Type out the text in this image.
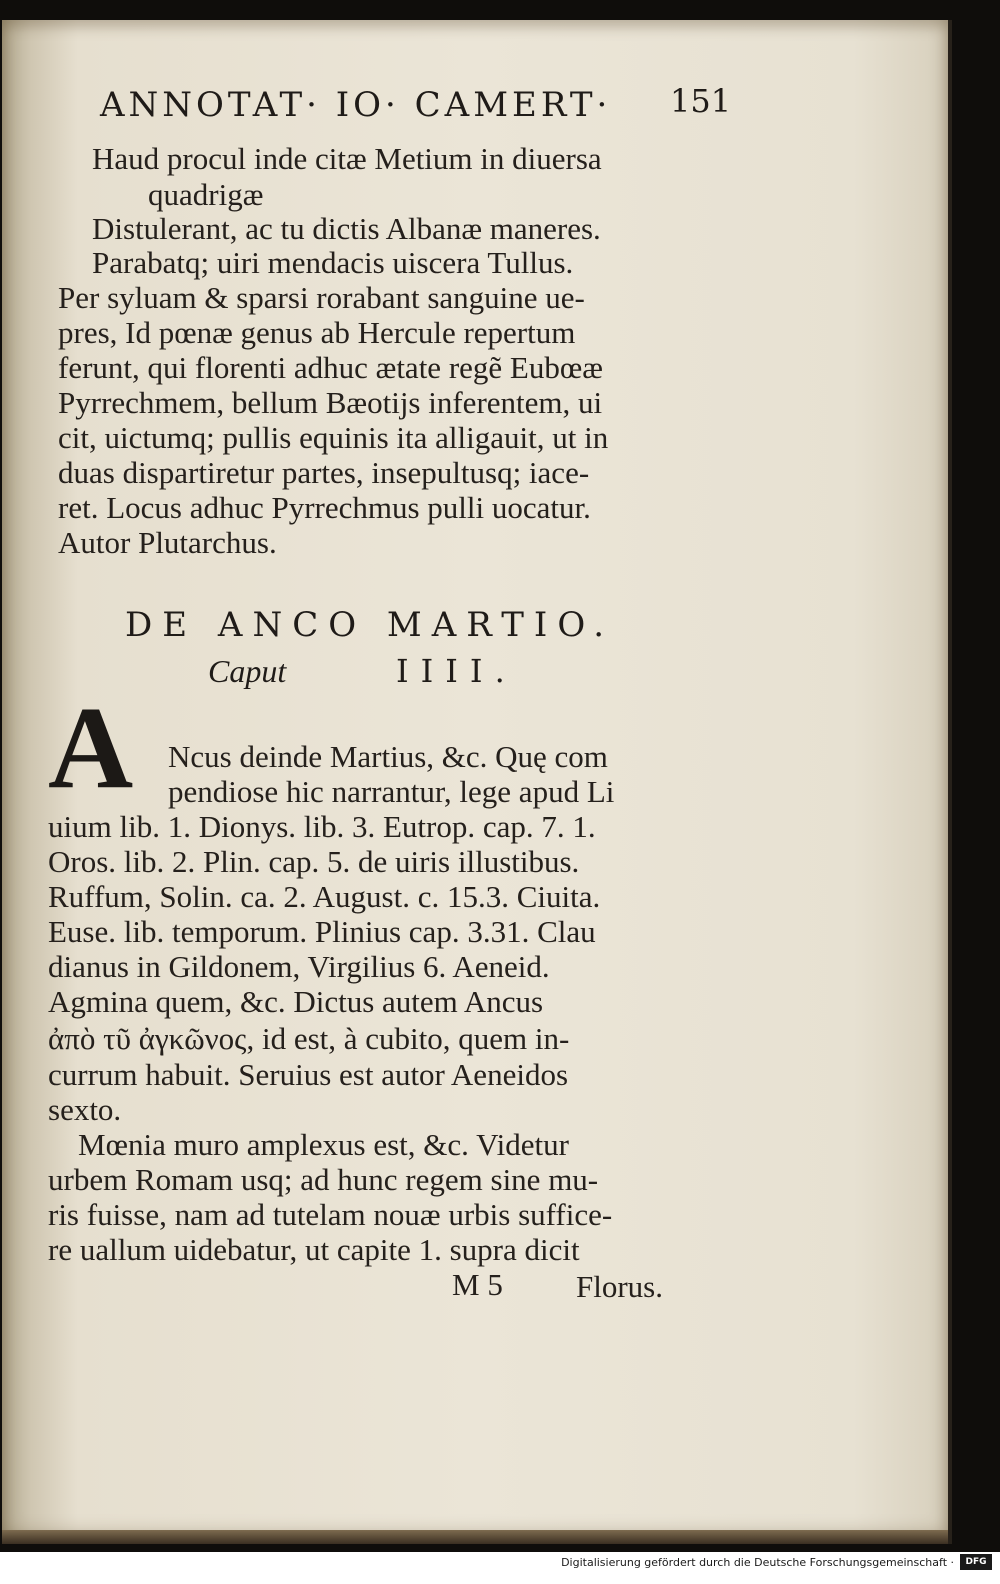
ANNOTAT· IO· CAMERT·	151
Haud procul inde citæ Metium in diuersa
quadrigæ
Distulerant, ac tu dictis Albanæ maneres.
Parabatq; uiri mendacis uiscera Tullus.
Per syluam & sparsi rorabant sanguine ue-
pres, Id pœnæ genus ab Hercule repertum
ferunt, qui florenti adhuc ætate regẽ Eubœæ
Pyrrechmem, bellum Bæotijs inferentem, ui
cit, uictumq; pullis equinis ita alligauit, ut in
duas dispartiretur partes, insepultusq; iace-
ret. Locus adhuc Pyrrechmus pulli uocatur.
Autor Plutarchus.
DE ANCO MARTIO.
Caput	IIII.
A Ncus deinde Martius, &c. Quę com
pendiose hic narrantur, lege apud Li
uium lib. 1. Dionys. lib. 3. Eutrop. cap. 7. 1.
Oros. lib. 2. Plin. cap. 5. de uiris illustibus.
Ruffum, Solin. ca. 2. August. c. 15.3. Ciuita.
Euse. lib. temporum. Plinius cap. 3.31. Clau
dianus in Gildonem, Virgilius 6. Aeneid.
Agmina quem, &c. Dictus autem Ancus
ἀπὸ τῦ ἀγκῶνος, id est, à cubito, quem in-
currum habuit. Seruius est autor Aeneidos
sexto.
Mœnia muro amplexus est, &c. Videtur
urbem Romam usq; ad hunc regem sine mu-
ris fuisse, nam ad tutelam nouæ urbis suffice-
re uallum uidebatur, ut capite 1. supra dicit
M 5 Florus.
Digitalisierung gefördert durch die Deutsche Forschungsgemeinschaft ·	DFG
